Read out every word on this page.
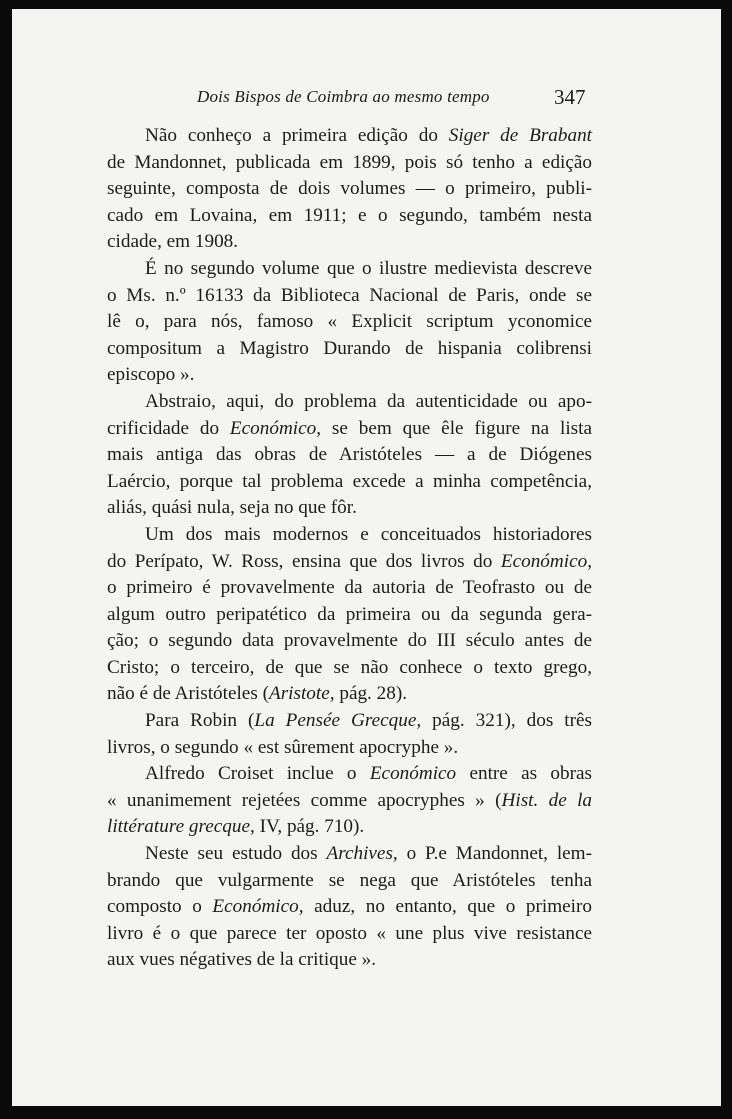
Dois Bispos de Coimbra ao mesmo tempo	347
Não conheço a primeira edição do Siger de Brabant
de Mandonnet, publicada em 1899, pois só tenho a edição
seguinte, composta de dois volumes — o primeiro, publi-
cado em Lovaina, em 1911; e o segundo, também nesta
cidade, em 1908.
É no segundo volume que o ilustre medievista descreve
o Ms. n.º 16133 da Biblioteca Nacional de Paris, onde se
lê o, para nós, famoso « Explicit scriptum yconomice
compositum a Magistro Durando de hispania colibrensi
episcopo ».
Abstraio, aqui, do problema da autenticidade ou apo-
crificidade do Económico, se bem que êle figure na lista
mais antiga das obras de Aristóteles — a de Diógenes
Laércio, porque tal problema excede a minha competência,
aliás, quási nula, seja no que fôr.
Um dos mais modernos e conceituados historiadores
do Perípato, W. Ross, ensina que dos livros do Económico,
o primeiro é provavelmente da autoria de Teofrasto ou de
algum outro peripatético da primeira ou da segunda gera-
ção; o segundo data provavelmente do III século antes de
Cristo; o terceiro, de que se não conhece o texto grego,
não é de Aristóteles (Aristote, pág. 28).
Para Robin (La Pensée Grecque, pág. 321), dos três
livros, o segundo « est sûrement apocryphe ».
Alfredo Croiset inclue o Económico entre as obras
« unanimement rejetées comme apocryphes » (Hist. de la
littérature grecque, IV, pág. 710).
Neste seu estudo dos Archives, o P.e Mandonnet, lem-
brando que vulgarmente se nega que Aristóteles tenha
composto o Económico, aduz, no entanto, que o primeiro
livro é o que parece ter oposto « une plus vive resistance
aux vues négatives de la critique ».
